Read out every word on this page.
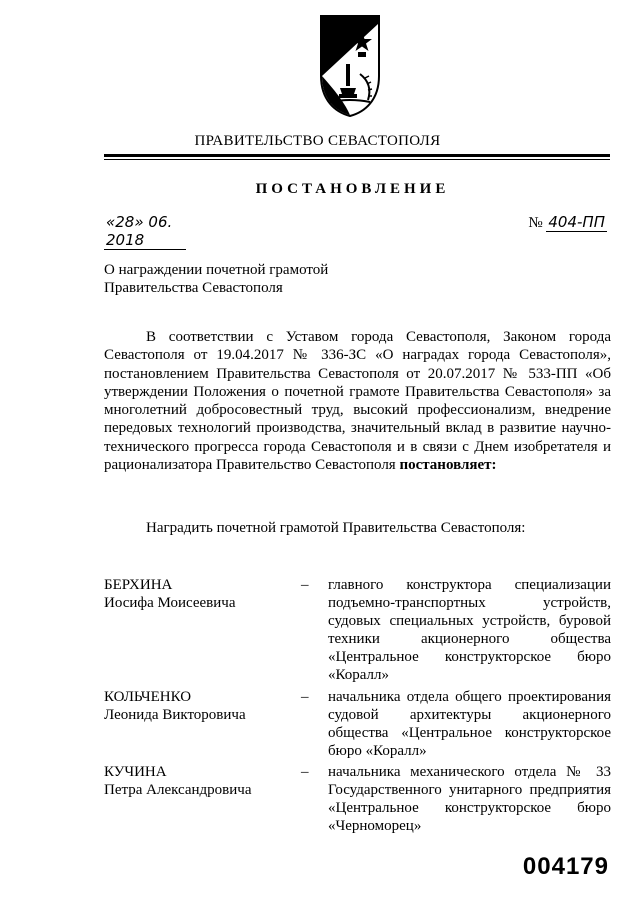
ПРАВИТЕЛЬСТВО СЕВАСТОПОЛЯ
ПОСТАНОВЛЕНИЕ
«28» 06. 2018
№ 404-ПП
О награждении почетной грамотой
Правительства Севастополя

В соответствии с Уставом города Севастополя, Законом города Севастополя от 19.04.2017 № 336-ЗС «О наградах города Севастополя», постановлением Правительства Севастополя от 20.07.2017 № 533-ПП «Об утверждении Положения о почетной грамоте Правительства Севастополя» за многолетний добросовестный труд, высокий профессионализм, внедрение передовых технологий производства, значительный вклад в развитие научно-технического прогресса города Севастополя и в связи с Днем изобретателя и рационализатора Правительство Севастополя постановляет:

Наградить почетной грамотой Правительства Севастополя:
БЕРХИНА
Иосифа Моисеевича
– главного конструктора специализации подъемно-транспортных устройств, судовых специальных устройств, буровой техники акционерного общества «Центральное конструкторское бюро «Коралл»
КОЛЬЧЕНКО
Леонида Викторовича
– начальника отдела общего проектирования судовой архитектуры акционерного общества «Центральное конструкторское бюро «Коралл»
КУЧИНА
Петра Александровича
– начальника механического отдела № 33 Государственного унитарного предприятия «Центральное конструкторское бюро «Черноморец»
004179
